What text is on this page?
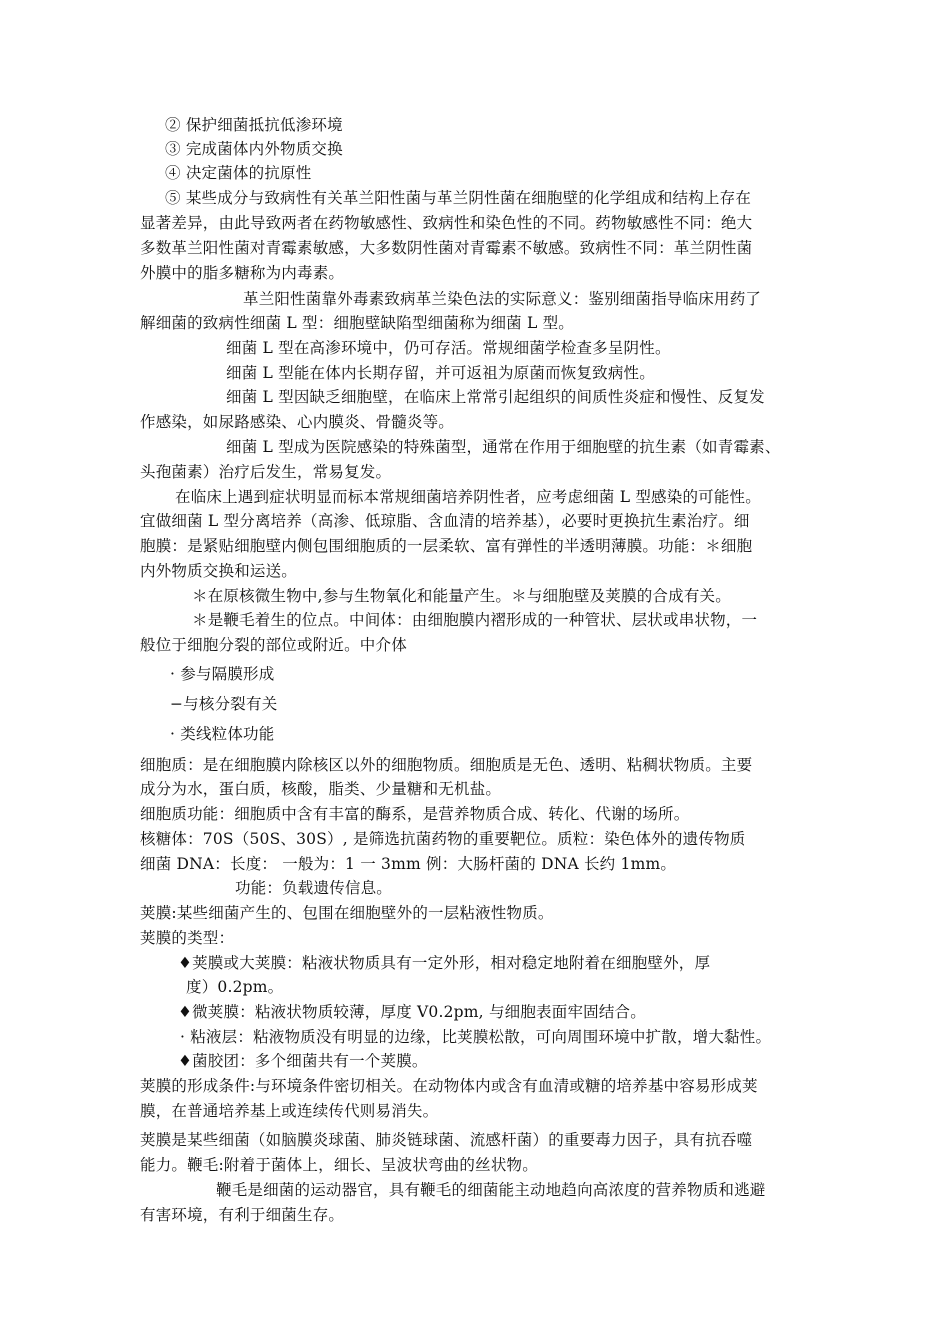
② 保护细菌抵抗低渗环境
③ 完成菌体内外物质交换
④ 决定菌体的抗原性
⑤ 某些成分与致病性有关革兰阳性菌与革兰阴性菌在细胞壁的化学组成和结构上存在
显著差异，由此导致两者在药物敏感性、致病性和染色性的不同。药物敏感性不同：绝大
多数革兰阳性菌对青霉素敏感，大多数阴性菌对青霉素不敏感。致病性不同：革兰阴性菌
外膜中的脂多糖称为内毒素。
革兰阳性菌靠外毒素致病革兰染色法的实际意义：鉴别细菌指导临床用药了
解细菌的致病性细菌 L 型：细胞壁缺陷型细菌称为细菌 L 型。
细菌 L 型在高渗环境中，仍可存活。常规细菌学检查多呈阴性。
细菌 L 型能在体内长期存留，并可返祖为原菌而恢复致病性。
细菌 L 型因缺乏细胞壁，在临床上常常引起组织的间质性炎症和慢性、反复发
作感染，如尿路感染、心内膜炎、骨髓炎等。
细菌 L 型成为医院感染的特殊菌型，通常在作用于细胞壁的抗生素（如青霉素、
头孢菌素）治疗后发生，常易复发。
在临床上遇到症状明显而标本常规细菌培养阴性者，应考虑细菌 L 型感染的可能性。
宜做细菌 L 型分离培养（高渗、低琼脂、含血清的培养基），必要时更换抗生素治疗。细
胞膜：是紧贴细胞壁内侧包围细胞质的一层柔软、富有弹性的半透明薄膜。功能：＊细胞
内外物质交换和运送。
＊在原核微生物中,参与生物氧化和能量产生。＊与细胞壁及荚膜的合成有关。
＊是鞭毛着生的位点。中间体：由细胞膜内褶形成的一种管状、层状或串状物，一
般位于细胞分裂的部位或附近。中介体
· 参与隔膜形成
−与核分裂有关
· 类线粒体功能
细胞质：是在细胞膜内除核区以外的细胞物质。细胞质是无色、透明、粘稠状物质。主要
成分为水，蛋白质，核酸，脂类、少量糖和无机盐。
细胞质功能：细胞质中含有丰富的酶系，是营养物质合成、转化、代谢的场所。
核糖体：70S（50S、30S）, 是筛选抗菌药物的重要靶位。质粒：染色体外的遗传物质
细菌 DNA：长度： 一般为：1 一 3mm 例：大肠杆菌的 DNA 长约 1mm。
功能：负载遗传信息。
荚膜:某些细菌产生的、包围在细胞壁外的一层粘液性物质。
荚膜的类型：
♦荚膜或大荚膜：粘液状物质具有一定外形，相对稳定地附着在细胞壁外，厚
度）0.2pm。
♦微荚膜：粘液状物质较薄，厚度 V0.2pm, 与细胞表面牢固结合。
· 粘液层：粘液物质没有明显的边缘，比荚膜松散，可向周围环境中扩散，增大黏性。
♦菌胶团：多个细菌共有一个荚膜。
荚膜的形成条件:与环境条件密切相关。在动物体内或含有血清或糖的培养基中容易形成荚
膜，在普通培养基上或连续传代则易消失。
荚膜是某些细菌（如脑膜炎球菌、肺炎链球菌、流感杆菌）的重要毒力因子，具有抗吞噬
能力。鞭毛:附着于菌体上，细长、呈波状弯曲的丝状物。
鞭毛是细菌的运动器官，具有鞭毛的细菌能主动地趋向高浓度的营养物质和逃避
有害环境，有利于细菌生存。
